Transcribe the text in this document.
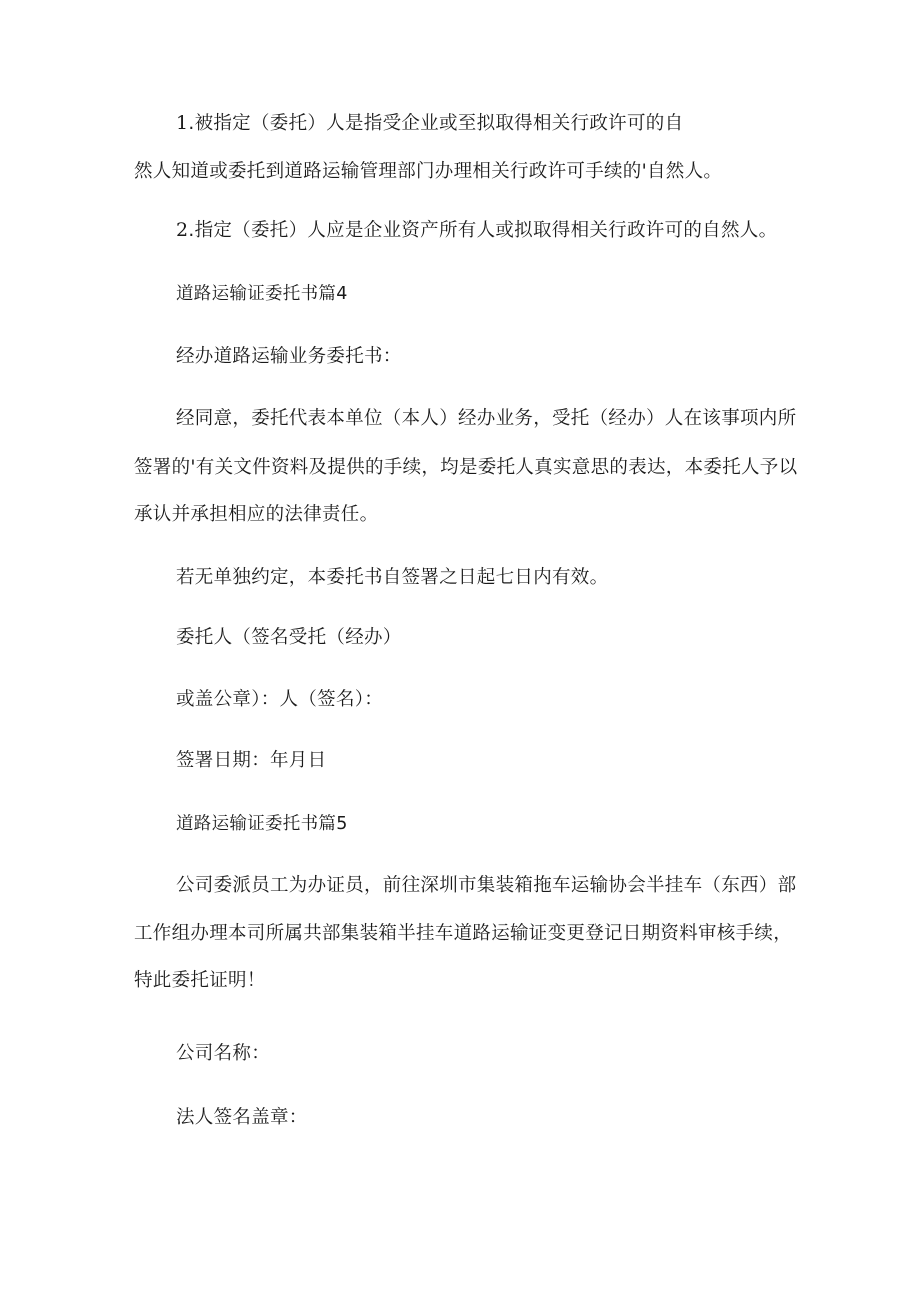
1.被指定（委托）人是指受企业或至拟取得相关行政许可的自
然人知道或委托到道路运输管理部门办理相关行政许可手续的'自然人。
2.指定（委托）人应是企业资产所有人或拟取得相关行政许可的自然人。
道路运输证委托书篇4
经办道路运输业务委托书：
经同意，委托代表本单位（本人）经办业务，受托（经办）人在该事项内所
签署的'有关文件资料及提供的手续，均是委托人真实意思的表达，本委托人予以
承认并承担相应的法律责任。
若无单独约定，本委托书自签署之日起七日内有效。
委托人（签名受托（经办）
或盖公章）：人（签名）：
签署日期：年月日
道路运输证委托书篇5
公司委派员工为办证员，前往深圳市集装箱拖车运输协会半挂车（东西）部
工作组办理本司所属共部集装箱半挂车道路运输证变更登记日期资料审核手续，
特此委托证明！
公司名称：
法人签名盖章：
